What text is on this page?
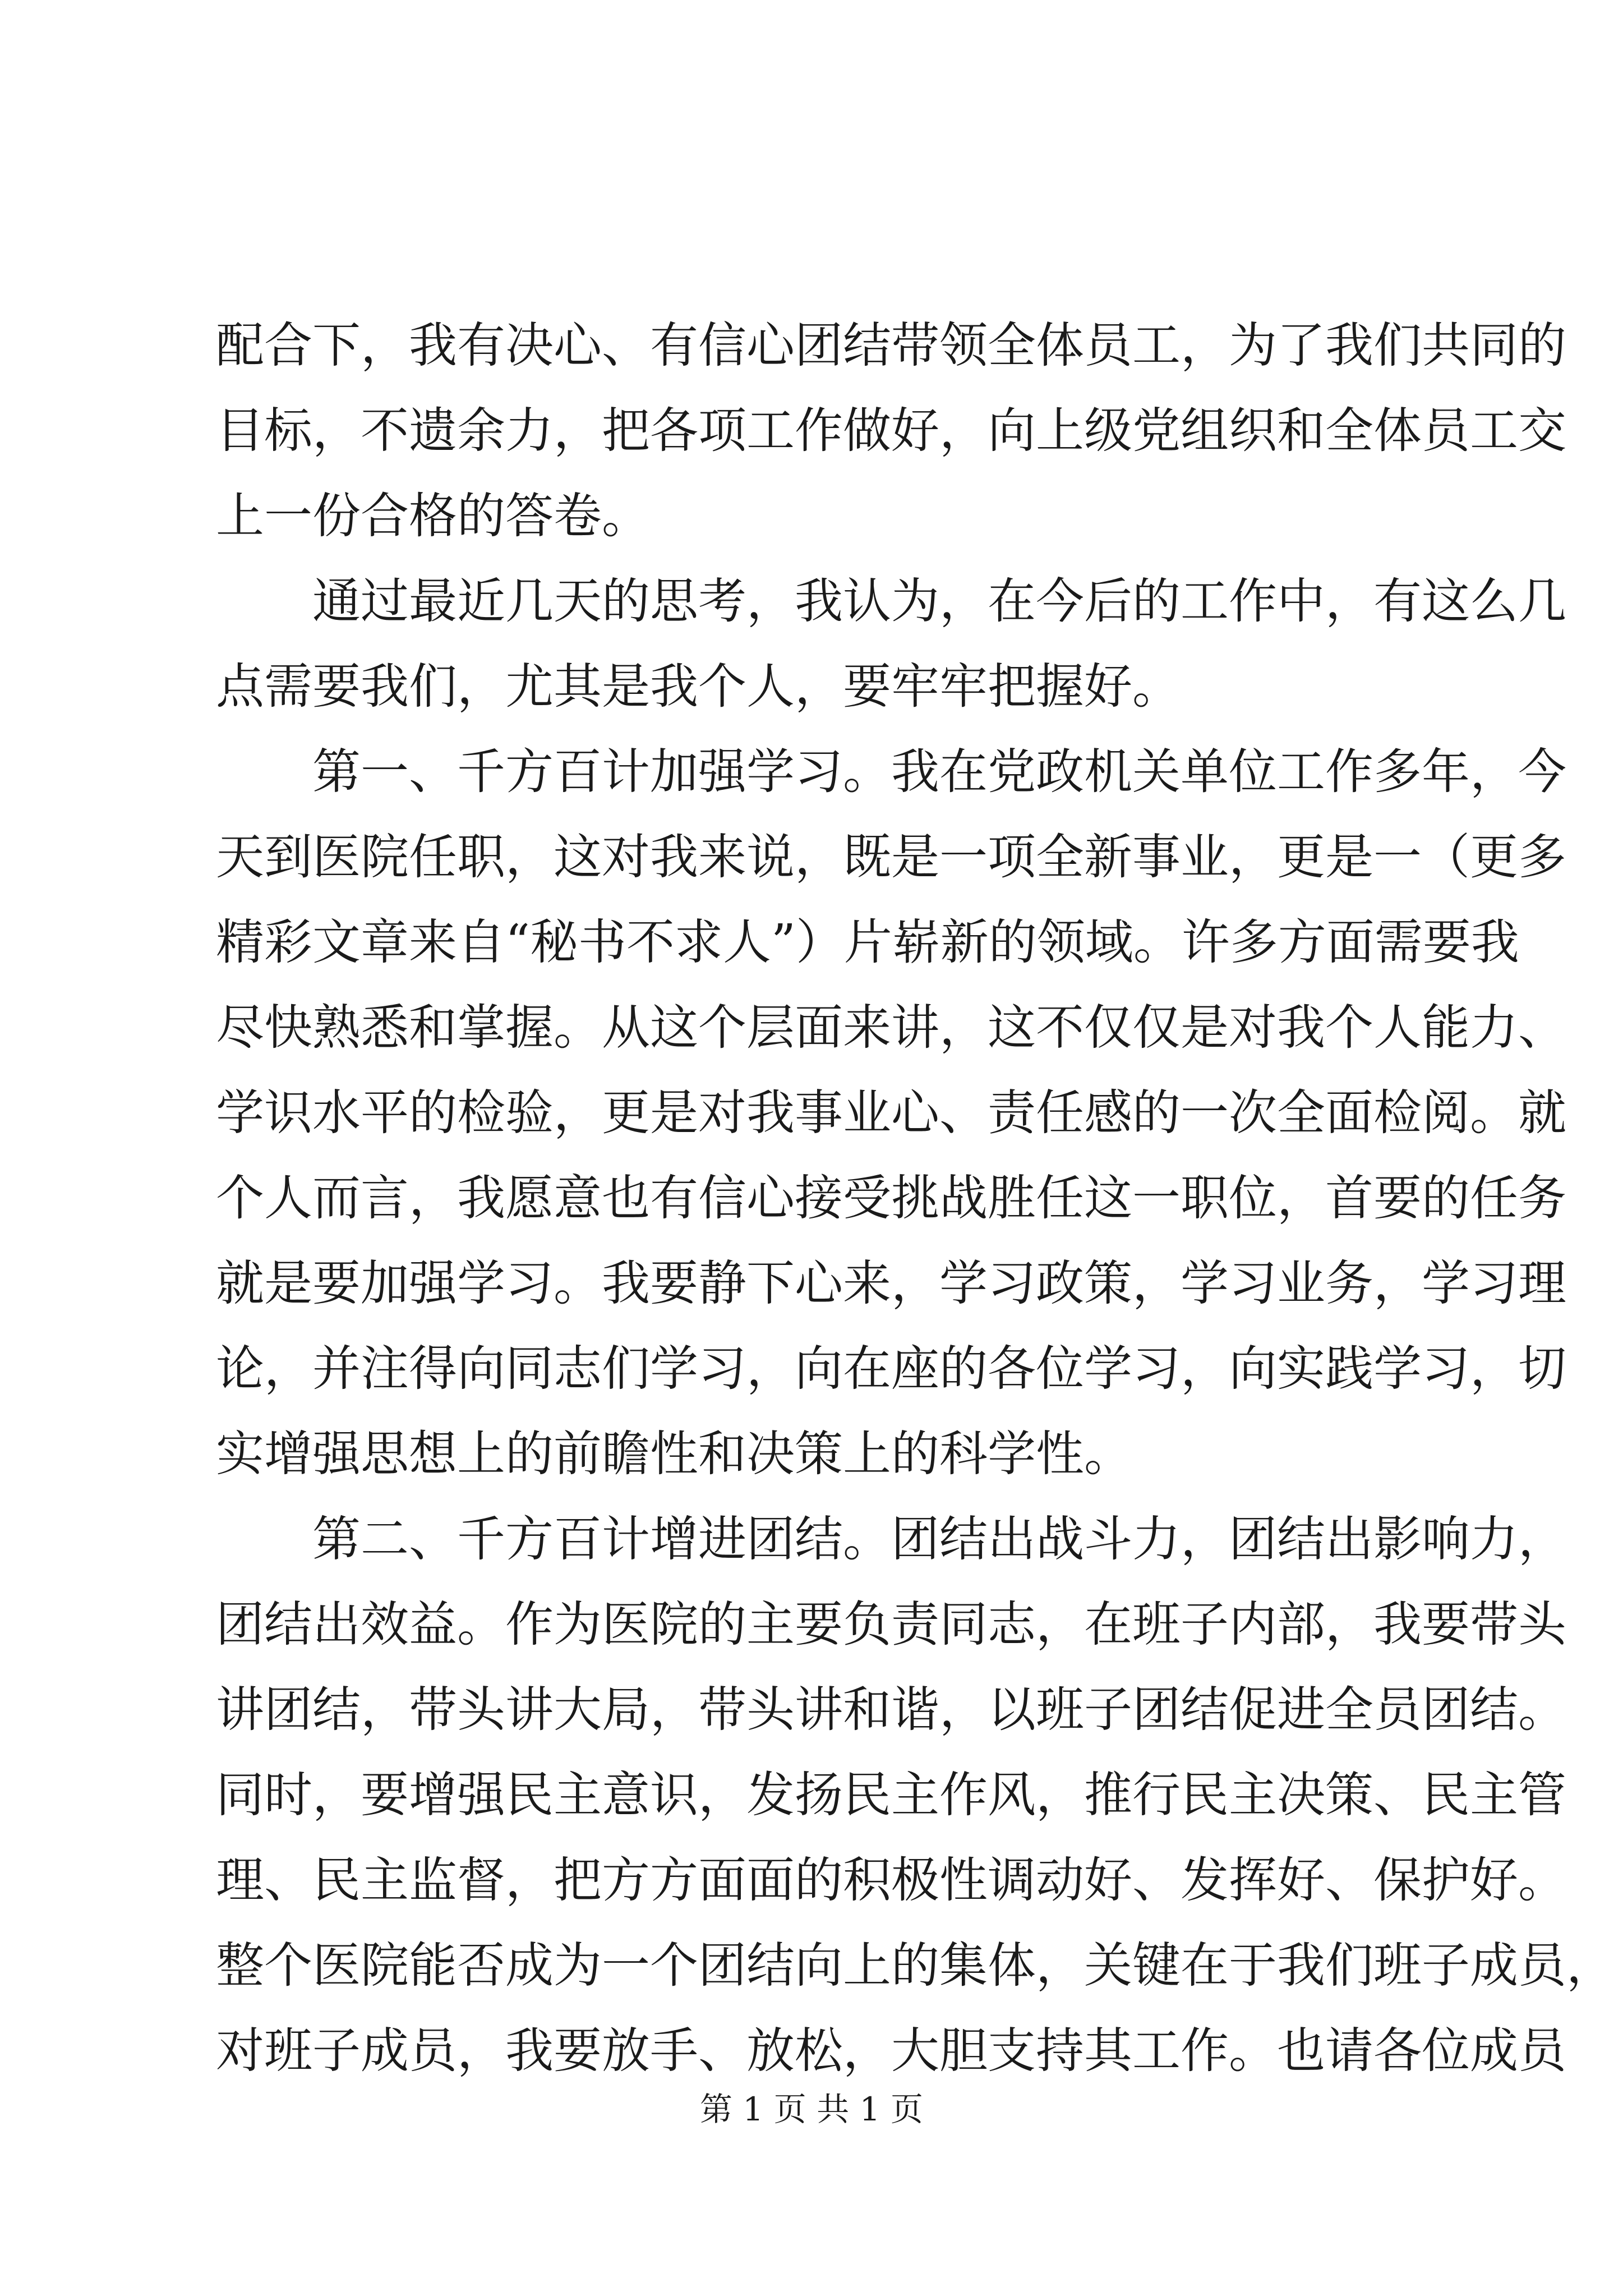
配合下，我有决心、有信心团结带领全体员工，为了我们共同的
目标，不遗余力，把各项工作做好，向上级党组织和全体员工交
上一份合格的答卷。
　　通过最近几天的思考，我认为，在今后的工作中，有这么几
点需要我们，尤其是我个人，要牢牢把握好。
　　第一、千方百计加强学习。我在党政机关单位工作多年，今
天到医院任职，这对我来说，既是一项全新事业，更是一（更多
精彩文章来自“秘书不求人”）片崭新的领域。许多方面需要我
尽快熟悉和掌握。从这个层面来讲，这不仅仅是对我个人能力、
学识水平的检验，更是对我事业心、责任感的一次全面检阅。就
个人而言，我愿意也有信心接受挑战胜任这一职位，首要的任务
就是要加强学习。我要静下心来，学习政策，学习业务，学习理
论，并注得向同志们学习，向在座的各位学习，向实践学习，切
实增强思想上的前瞻性和决策上的科学性。
　　第二、千方百计增进团结。团结出战斗力，团结出影响力，
团结出效益。作为医院的主要负责同志，在班子内部，我要带头
讲团结，带头讲大局，带头讲和谐，以班子团结促进全员团结。
同时，要增强民主意识，发扬民主作风，推行民主决策、民主管
理、民主监督，把方方面面的积极性调动好、发挥好、保护好。
整个医院能否成为一个团结向上的集体，关键在于我们班子成员，
对班子成员，我要放手、放松，大胆支持其工作。也请各位成员
第 1 页 共 1 页
